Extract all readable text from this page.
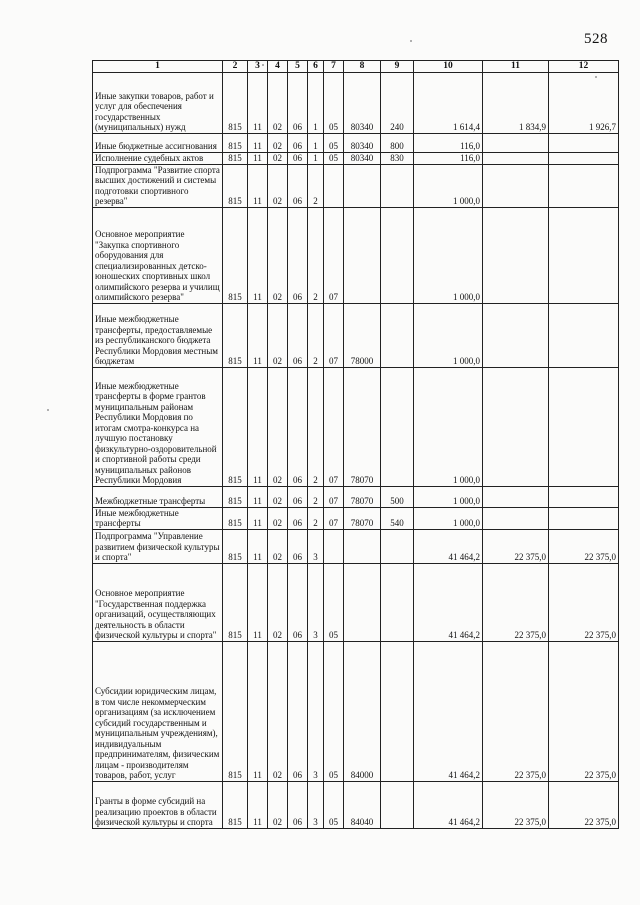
528
1	2	3	4	5	6	7	8	9	10	11	12
Иные закупки товаров, работ и услуг для обеспечения государственных (муниципальных) нужд	815	11	02	06	1	05	80340	240	1 614,4	1 834,9	1 926,7
Иные бюджетные ассигнования	815	11	02	06	1	05	80340	800	116,0		
Исполнение судебных актов	815	11	02	06	1	05	80340	830	116,0		
Подпрограмма "Развитие спорта высших достижений и системы подготовки спортивного резерва"	815	11	02	06	2				1 000,0		
Основное мероприятие "Закупка спортивного оборудования для специализированных детско-юношеских спортивных школ олимпийского резерва и училищ олимпийского резерва"	815	11	02	06	2	07			1 000,0		
Иные межбюджетные трансферты, предоставляемые из республиканского бюджета Республики Мордовия местным бюджетам	815	11	02	06	2	07	78000		1 000,0		
Иные межбюджетные трансферты в форме грантов муниципальным районам Республики Мордовия по итогам смотра-конкурса на лучшую постановку физкультурно-оздоровительной и спортивной работы среди муниципальных районов Республики Мордовия	815	11	02	06	2	07	78070		1 000,0		
Межбюджетные трансферты	815	11	02	06	2	07	78070	500	1 000,0		
Иные межбюджетные трансферты	815	11	02	06	2	07	78070	540	1 000,0		
Подпрограмма "Управление развитием физической культуры и спорта"	815	11	02	06	3				41 464,2	22 375,0	22 375,0
Основное мероприятие "Государственная поддержка организаций, осуществляющих деятельность в области физической культуры и спорта"	815	11	02	06	3	05			41 464,2	22 375,0	22 375,0
Субсидии юридическим лицам, в том числе некоммерческим организациям (за исключением субсидий государственным и муниципальным учреждениям), индивидуальным предпринимателям, физическим лицам - производителям товаров, работ, услуг	815	11	02	06	3	05	84000		41 464,2	22 375,0	22 375,0
Гранты в форме субсидий на реализацию проектов в области физической культуры и спорта	815	11	02	06	3	05	84040		41 464,2	22 375,0	22 375,0
